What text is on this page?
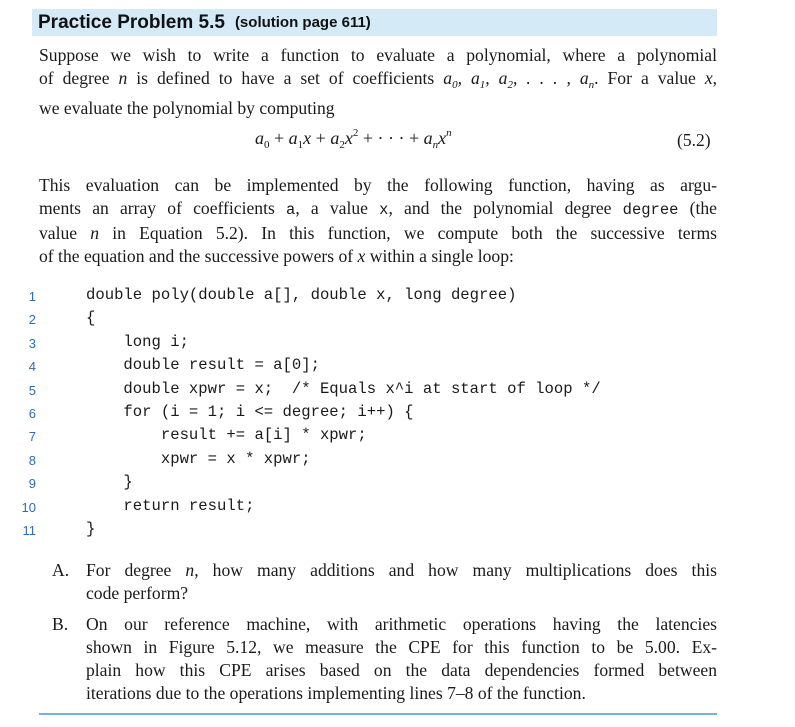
Practice Problem 5.5 (solution page 611)
Suppose we wish to write a function to evaluate a polynomial, where a polynomial
of degree n is defined to have a set of coefficients $a_0$, $a_1$, $a_2$, . . . , $a_n$. For a value x,
we evaluate the polynomial by computing
$a_0 + a_1x + a_2x^2$ + · · · + $a_nx^n$	(5.2)
This evaluation can be implemented by the following function, having as argu-
ments an array of coefficients a, a value x, and the polynomial degree degree (the
value n in Equation 5.2). In this function, we compute both the successive terms
of the equation and the successive powers of x within a single loop:
1	double poly(double a[], double x, long degree)
2	{
3	long i;
4	double result = a[0];
5	double xpwr = x;  /* Equals x^i at start of loop */
6	for (i = 1; i <= degree; i++) {
7	result += a[i] * xpwr;
8	xpwr = x * xpwr;
9	}
10	return result;
11	}
A. For degree n, how many additions and how many multiplications does this
code perform?
B. On our reference machine, with arithmetic operations having the latencies
shown in Figure 5.12, we measure the CPE for this function to be 5.00. Ex-
plain how this CPE arises based on the data dependencies formed between
iterations due to the operations implementing lines 7–8 of the function.
